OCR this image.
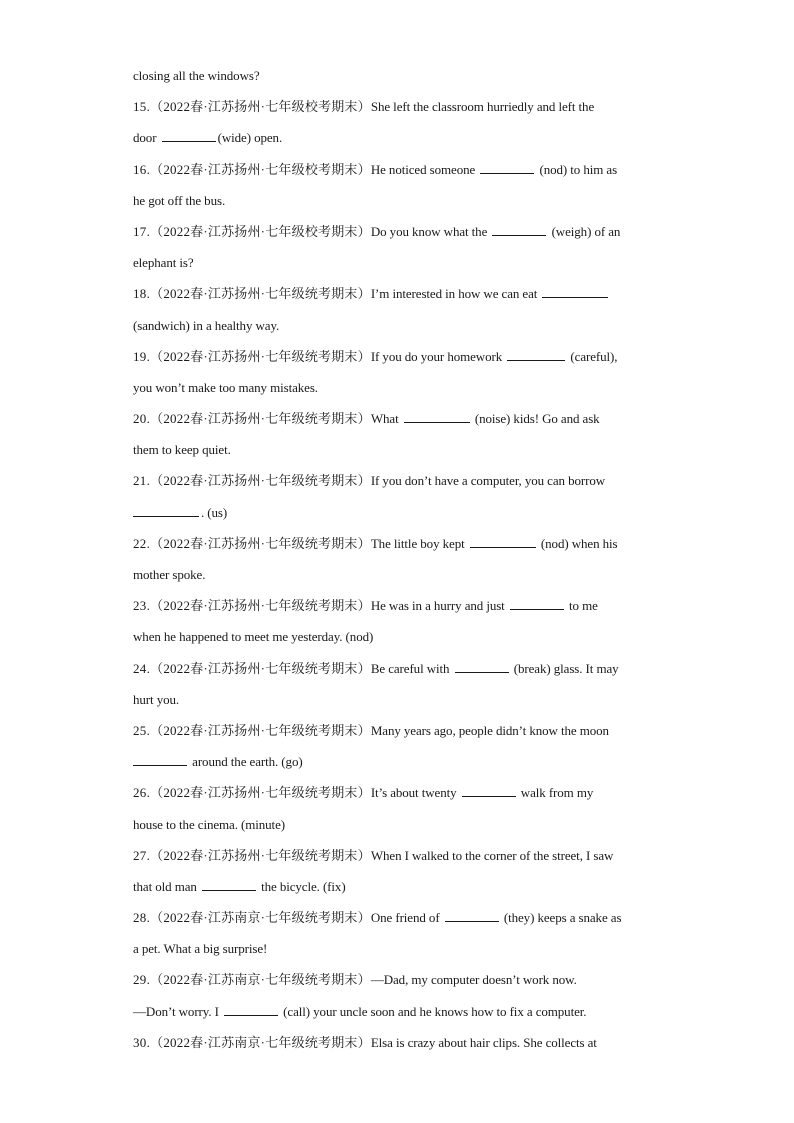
closing all the windows?
15.（2022春·江苏扬州·七年级校考期末）She left the classroom hurriedly and left the
door	(wide) open.
16.（2022春·江苏扬州·七年级校考期末）He noticed someone	(nod) to him as
he got off the bus.
17.（2022春·江苏扬州·七年级校考期末）Do you know what the	(weigh) of an
elephant is?
18.（2022春·江苏扬州·七年级统考期末）I’m interested in how we can eat
(sandwich) in a healthy way.
19.（2022春·江苏扬州·七年级统考期末）If you do your homework	(careful),
you won’t make too many mistakes.
20.（2022春·江苏扬州·七年级统考期末）What	(noise) kids! Go and ask
them to keep quiet.
21.（2022春·江苏扬州·七年级统考期末）If you don’t have a computer, you can borrow
. (us)
22.（2022春·江苏扬州·七年级统考期末）The little boy kept	(nod) when his
mother spoke.
23.（2022春·江苏扬州·七年级统考期末）He was in a hurry and just	to me
when he happened to meet me yesterday. (nod)
24.（2022春·江苏扬州·七年级统考期末）Be careful with	(break) glass. It may
hurt you.
25.（2022春·江苏扬州·七年级统考期末）Many years ago, people didn’t know the moon
around the earth. (go)
26.（2022春·江苏扬州·七年级统考期末）It’s about twenty	walk from my
house to the cinema. (minute)
27.（2022春·江苏扬州·七年级统考期末）When I walked to the corner of the street, I saw
that old man	the bicycle. (fix)
28.（2022春·江苏南京·七年级统考期末）One friend of	(they) keeps a snake as
a pet. What a big surprise!
29.（2022春·江苏南京·七年级统考期末）—Dad, my computer doesn’t work now.
—Don’t worry. I	(call) your uncle soon and he knows how to fix a computer.
30.（2022春·江苏南京·七年级统考期末）Elsa is crazy about hair clips. She collects at
